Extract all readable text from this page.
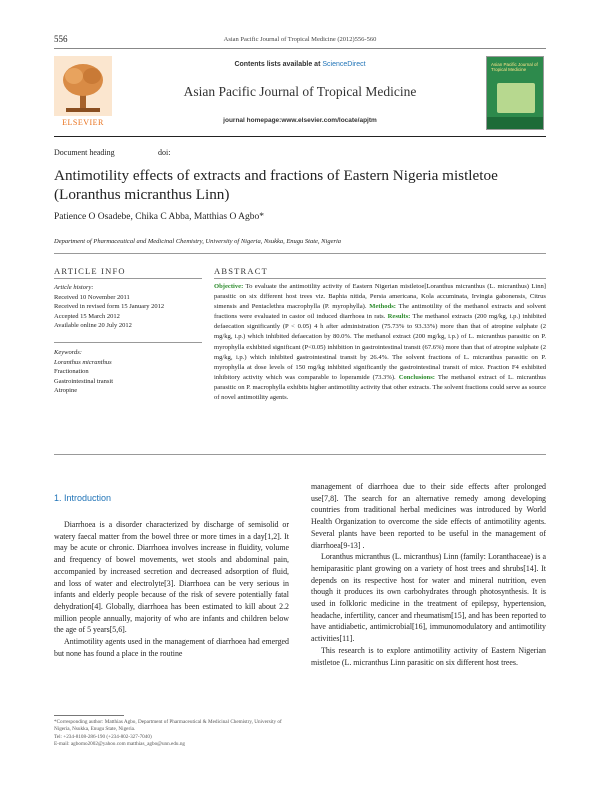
556	Asian Pacific Journal of Tropical Medicine (2012)556-560
ELSEVIER
Contents lists available at ScienceDirect
Asian Pacific Journal of Tropical Medicine
journal homepage:www.elsevier.com/locate/apjtm
Asian Pacific Journal of Tropical Medicine
Document heading	doi:
Antimotility effects of extracts and fractions of Eastern Nigeria mistletoe (Loranthus micranthus Linn)
Patience O Osadebe, Chika C Abba, Matthias O Agbo*
Department of Pharmaceutical and Medicinal Chemistry, University of Nigeria, Nsukka, Enugu State, Nigeria
ARTICLE INFO	ABSTRACT
Article history:
Received 10 November 2011
Received in revised form 15 January 2012
Accepted 15 March 2012
Available online 20 July 2012
Keywords:
Loranthus micranthus
Fractionation
Gastrointestinal transit
Atropine
Objective: To evaluate the antimotility activity of Eastern Nigerian mistletoe[Loranthus micranthus (L. micranthus) Linn] parasitic on six different host trees viz. Baphia nitida, Persia americana, Kola accuminata, Irvingia gabonensis, Citrus simensis and Pentaclethra macrophylla (P. myrophylla). Methods: The antimotility of the methanol extracts and solvent fractions were evaluated in castor oil induced diarrhoea in rats. Results: The methanol extracts (200 mg/kg, i.p.) inhibited defaecation significantly (P < 0.05) 4 h after administration (75.73% to 93.33%) more than that of atropine sulphate (2 mg/kg, i.p.) which inhibited defaecation by 80.0%. The methanol extract (200 mg/kg, i.p.) of L. micranthus parasitic on P. myrophylla exhibited significant (P<0.05) inhibition in gastrointestinal transit (67.6%) more than that of atropine sulphate (2 mg/kg, i.p.) which inhibited gastrointestinal transit by 26.4%. The solvent fractions of L. micranthus parasitic on P. myrophylla at dose levels of 150 mg/kg inhibited significantly the gastrointestinal transit of mice. Fraction F4 exhibited inhibitory activity which was comparable to loperamide (73.3%). Conclusions: The methanol extract of L. micranthus parasitic on P. macrophylla exhibits higher antimotility activity that other extracts. The solvent fractions could serve as source of novel antimotility agents.
1. Introduction

Diarrhoea is a disorder characterized by discharge of semisolid or watery faecal matter from the bowel three or more times in a day[1,2]. It may be acute or chronic. Diarrhoea involves increase in fluidity, volume and frequency of bowel movements, wet stools and abdominal pain, accompanied by increased secretion and decreased adsorption of fluid, and loss of water and electrolyte[3]. Diarrhoea can be very serious in infants and elderly people because of the risk of severe potentially fatal dehydration[4]. Globally, diarrhoea has been estimated to kill about 2.2 million people annually, majority of who are infants and children below the age of 5 years[5,6].

Antimotility agents used in the management of diarrhoea had emerged but none has found a place in the routine

management of diarrhoea due to their side effects after prolonged use[7,8]. The search for an alternative remedy among developing countries from traditional herbal medicines was introduced by World Health Organization to overcome the side effects of antimotility agents. Several plants have been reported to be useful in the management of diarrhoea[9-13] .

Loranthus micranthus (L. micranthus) Linn (family: Loranthaceae) is a hemiparasitic plant growing on a variety of host trees and shrubs[14]. It depends on its respective host for water and mineral nutrition, even though it produces its own carbohydrates through photosynthesis. It is used in folkloric medicine in the treatment of epilepsy, hypertension, headache, infertility, cancer and rheumatism[15], and has been reported to have antidiabetic, antimicrobial[16], immunomodulatory and antimotility activities[11].

This research is to explore antimotility activity of Eastern Nigerian mistletoe (L. micranthus Linn parasitic on six different host trees.

*Corresponding author: Matthias Agbo, Department of Pharmaceutical & Medicinal Chemistry, University of Nigeria, Nsukka, Enugu State, Nigeria.
Tel: +234-8108-286-190 (+234-802-327-7040)
E-mail: agbomo2002@yahoo.com matthias_agbo@unn.edu.ng
